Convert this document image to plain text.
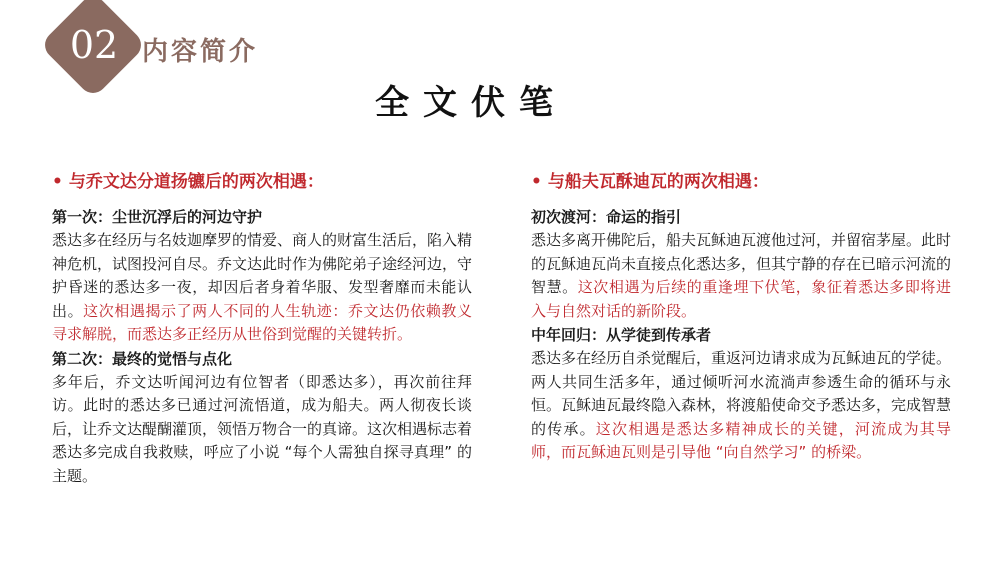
02 内容简介
全文伏笔

• 与乔文达分道扬镳后的两次相遇：

第一次：尘世沉浮后的河边守护

悉达多在经历与名妓迦摩罗的情爱、商人的财富生活后，陷入精神危机，试图投河自尽。乔文达此时作为佛陀弟子途经河边，守护昏迷的悉达多一夜，却因后者身着华服、发型奢靡而未能认出。这次相遇揭示了两人不同的人生轨迹：乔文达仍依赖教义寻求解脱，而悉达多正经历从世俗到觉醒的关键转折。

第二次：最终的觉悟与点化

多年后，乔文达听闻河边有位智者（即悉达多），再次前往拜访。此时的悉达多已通过河流悟道，成为船夫。两人彻夜长谈后，让乔文达醍醐灌顶，领悟万物合一的真谛。这次相遇标志着悉达多完成自我救赎，呼应了小说 “每个人需独自探寻真理” 的主题。

• 与船夫瓦酥迪瓦的两次相遇：

初次渡河：命运的指引

悉达多离开佛陀后，船夫瓦稣迪瓦渡他过河，并留宿茅屋。此时的瓦稣迪瓦尚未直接点化悉达多，但其宁静的存在已暗示河流的智慧。这次相遇为后续的重逢埋下伏笔，象征着悉达多即将进入与自然对话的新阶段。

中年回归：从学徒到传承者

悉达多在经历自杀觉醒后，重返河边请求成为瓦稣迪瓦的学徒。两人共同生活多年，通过倾听河水流淌声参透生命的循环与永恒。瓦稣迪瓦最终隐入森林，将渡船使命交予悉达多，完成智慧的传承。这次相遇是悉达多精神成长的关键，河流成为其导师，而瓦稣迪瓦则是引导他 “向自然学习” 的桥梁。
